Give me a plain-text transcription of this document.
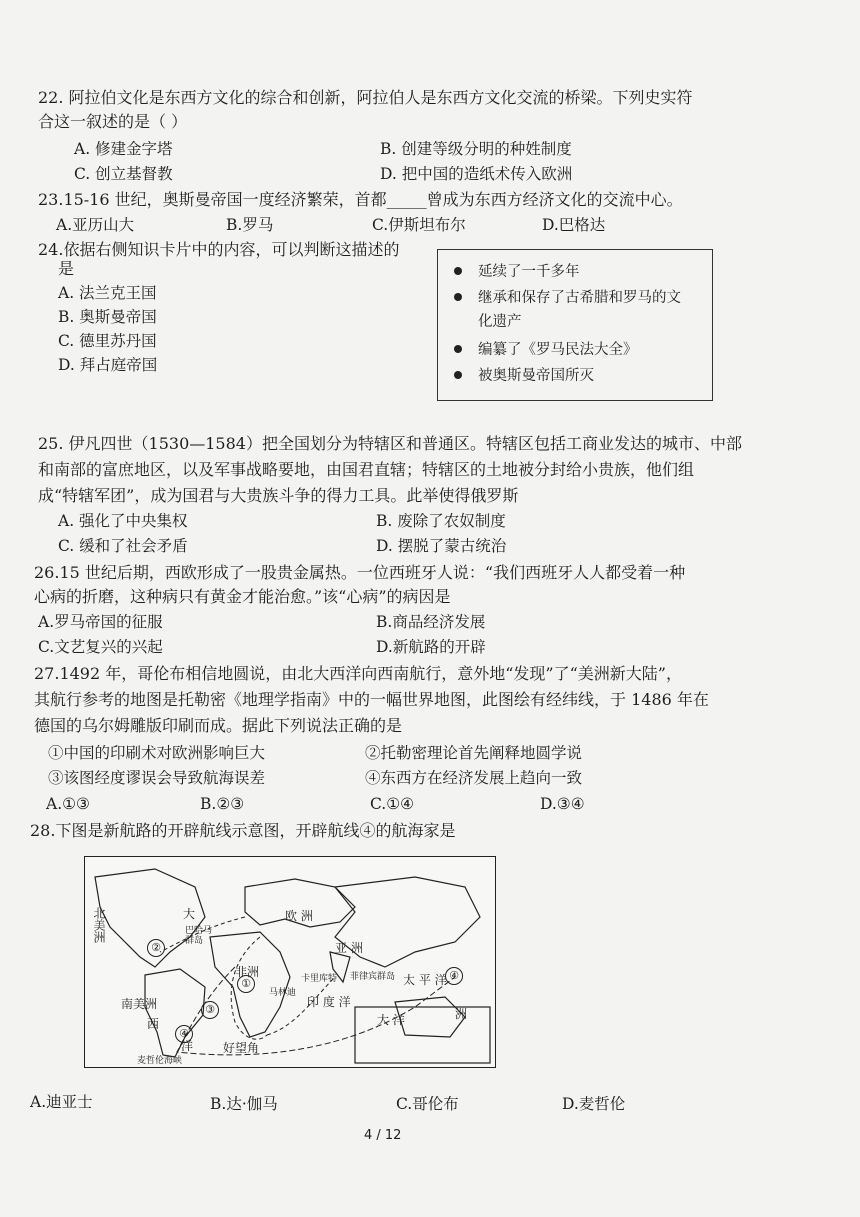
22. 阿拉伯文化是东西方文化的综合和创新，阿拉伯人是东西方文化交流的桥梁。下列史实符
合这一叙述的是（ ）
A. 修建金字塔	B. 创建等级分明的种姓制度
C. 创立基督教	D. 把中国的造纸术传入欧洲
23.15-16 世纪，奥斯曼帝国一度经济繁荣，首都_____曾成为东西方经济文化的交流中心。
A.亚历山大	B.罗马	C.伊斯坦布尔	D.巴格达
24.依据右侧知识卡片中的内容，可以判断这描述的
是
A. 法兰克王国
B. 奥斯曼帝国
C. 德里苏丹国
D. 拜占庭帝国
延续了一千多年
继承和保存了古希腊和罗马的文
化遗产
编纂了《罗马民法大全》
被奥斯曼帝国所灭
25. 伊凡四世（1530—1584）把全国划分为特辖区和普通区。特辖区包括工商业发达的城市、中部
和南部的富庶地区，以及军事战略要地，由国君直辖；特辖区的土地被分封给小贵族，他们组
成“特辖军团”，成为国君与大贵族斗争的得力工具。此举使得俄罗斯
A. 强化了中央集权	B. 废除了农奴制度
C. 缓和了社会矛盾	D. 摆脱了蒙古统治
26.15 世纪后期，西欧形成了一股贵金属热。一位西班牙人说：“我们西班牙人人都受着一种
心病的折磨，这种病只有黄金才能治愈。”该“心病”的病因是
A.罗马帝国的征服	B.商品经济发展
C.文艺复兴的兴起	D.新航路的开辟
27.1492 年，哥伦布相信地圆说，由北大西洋向西南航行，意外地“发现”了“美洲新大陆”，
其航行参考的地图是托勒密《地理学指南》中的一幅世界地图，此图绘有经纬线，于 1486 年在
德国的乌尔姆雕版印刷而成。据此下列说法正确的是
①中国的印刷术对欧洲影响巨大	②托勒密理论首先阐释地圆学说
③该图经度谬误会导致航海误差	④东西方在经济发展上趋向一致
A.①③	B.②③	C.①④	D.③④
28.下图是新航路的开辟航线示意图，开辟航线④的航海家是
北美洲	大
巴哈马
群岛
欧 洲
亚 洲
非洲
南美洲
西
洋
太 平 洋
卡里库特 菲律宾群岛
马林迪
印 度 洋
大 洋	洲
好望角
麦哲伦海峡
①
②
③
④
④
A.迪亚士	B.达·伽马	C.哥伦布	D.麦哲伦
4 / 12
